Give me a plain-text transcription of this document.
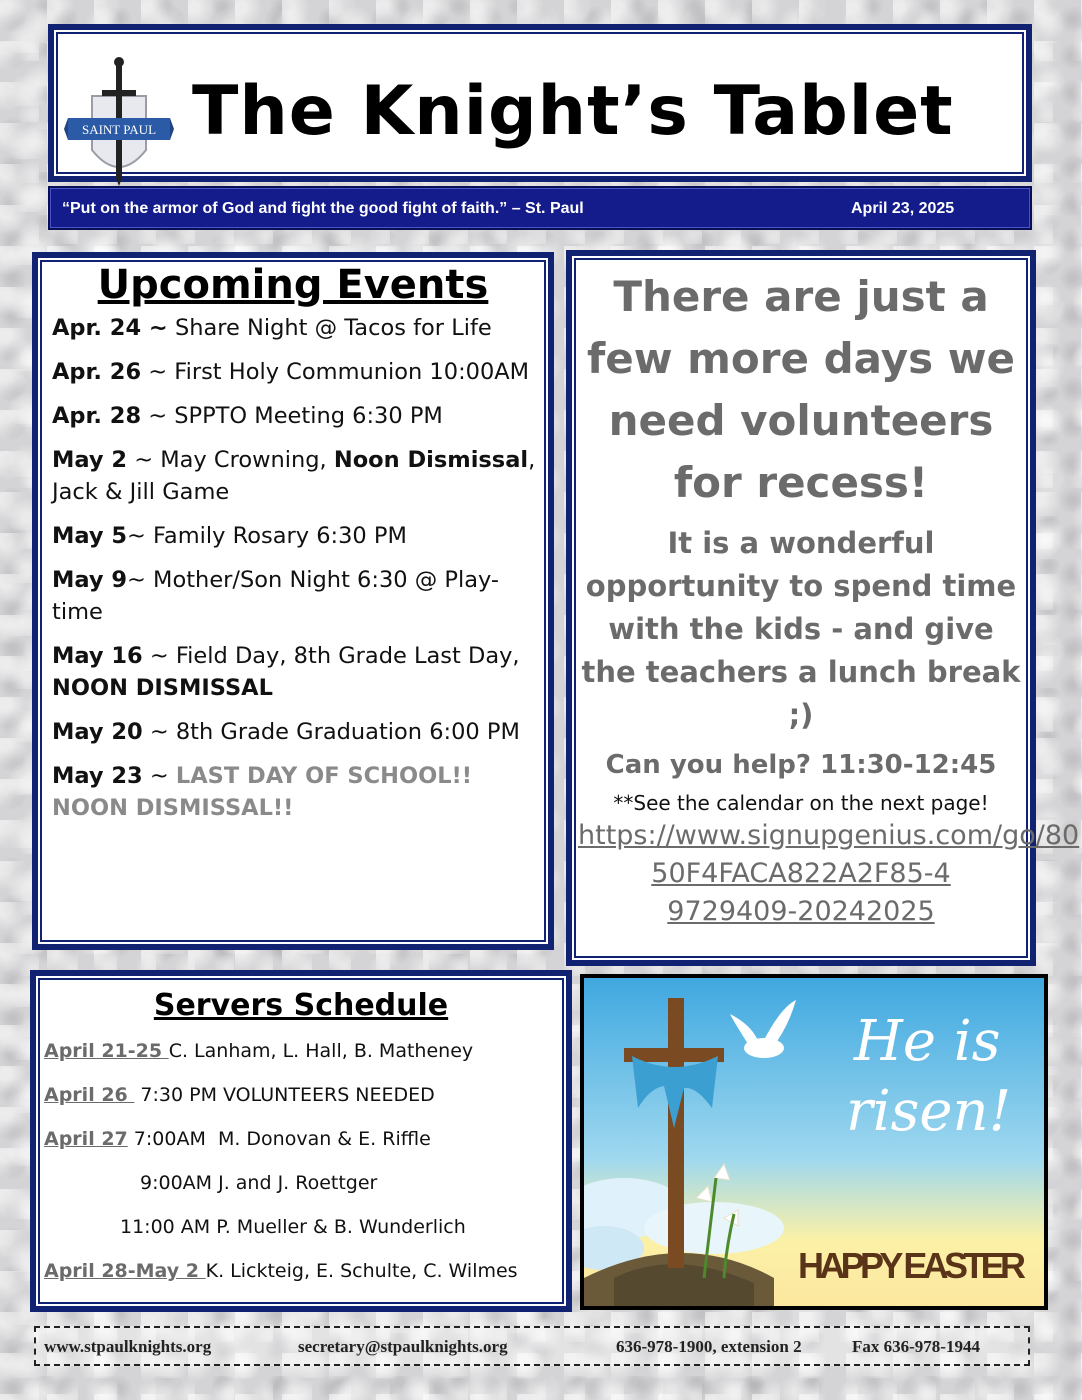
SAINT PAUL The Knight’s Tablet
“Put on the armor of God and fight the good fight of faith.” – St. Paul	April 23, 2025
Upcoming Events
Apr. 24 ~ Share Night @ Tacos for Life
Apr. 26 ~ First Holy Communion 10:00AM
Apr. 28 ~ SPPTO Meeting 6:30 PM
May 2 ~ May Crowning, Noon Dismissal, Jack & Jill Game
May 5~ Family Rosary 6:30 PM
May 9~ Mother/Son Night 6:30 @ Play-time
May 16 ~ Field Day, 8th Grade Last Day, NOON DISMISSAL
May 20 ~ 8th Grade Graduation 6:00 PM
May 23 ~ LAST DAY OF SCHOOL!! NOON DISMISSAL!!
There are just a few more days we need volunteers for recess!
It is a wonderful opportunity to spend time with the kids - and give the teachers a lunch break ;)
Can you help? 11:30-12:45
**See the calendar on the next page!
https://www.signupgenius.com/go/80
50F4FACA822A2F85-4
9729409-20242025
Servers Schedule
April 21-25 C. Lanham, L. Hall, B. Matheney
April 26  7:30 PM VOLUNTEERS NEEDED
April 27 7:00AM  M. Donovan & E. Riffle
9:00AM J. and J. Roettger
11:00 AM P. Mueller & B. Wunderlich
April 28-May 2 K. Lickteig, E. Schulte, C. Wilmes
He is
risen!
HAPPY EASTER
www.stpaulknights.org	secretary@stpaulknights.org	636-978-1900, extension 2	Fax 636-978-1944
